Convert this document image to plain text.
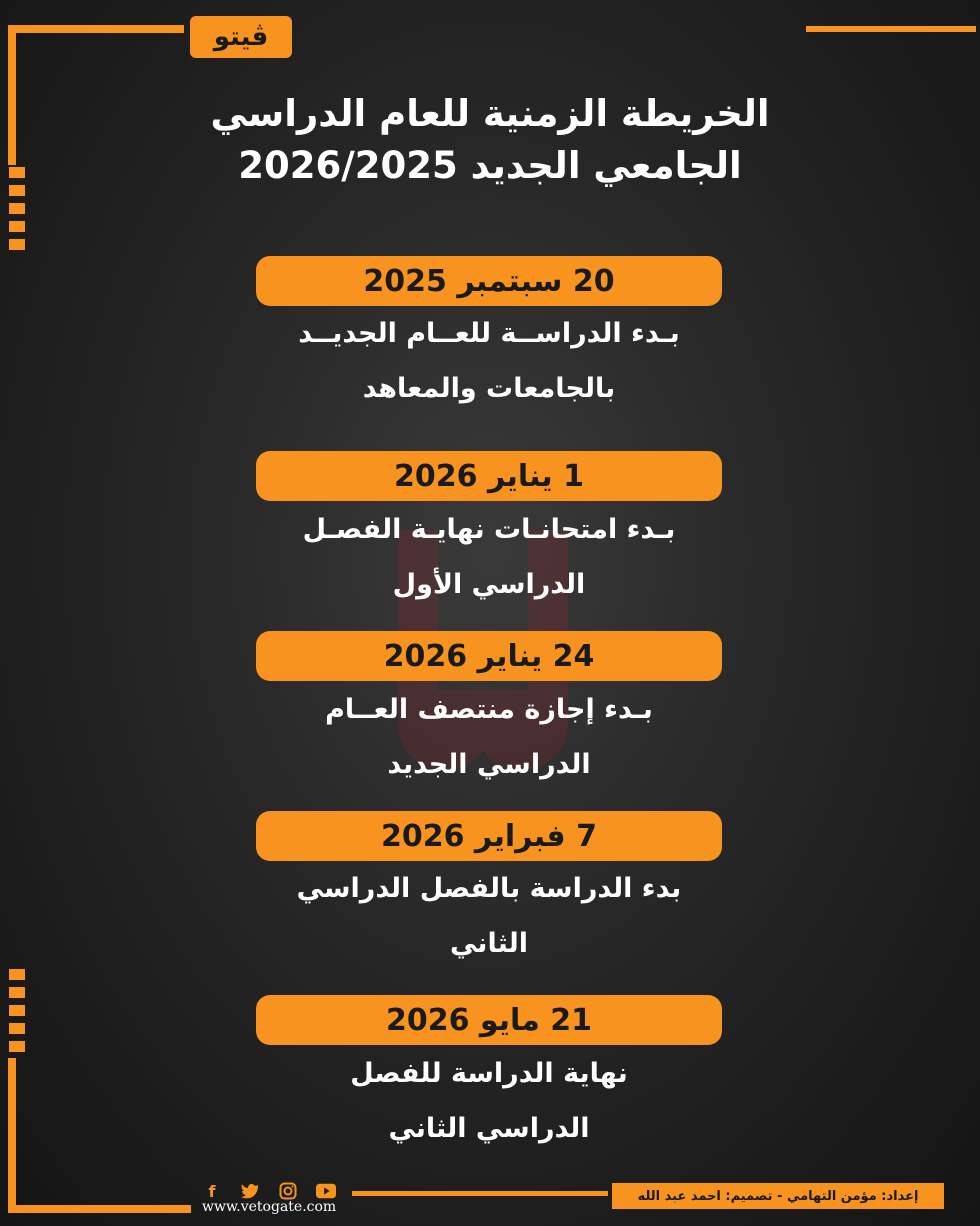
ڤيتو
الخريطة الزمنية للعام الدراسي
الجامعي الجديد 2026/2025
20 سبتمبر 2025
بـدء الدراســة للعــام الجديــد
بالجامعات والمعاهد
1 يناير 2026
بـدء امتحانـات نهايـة الفصـل
الدراسي الأول
24 يناير 2026
بـدء إجازة منتصف العــام
الدراسي الجديد
7 فبراير 2026
بدء الدراسة بالفصل الدراسي
الثاني
21 مايو 2026
نهاية الدراسة للفصل
الدراسي الثاني
f
www.vetogate.com
إعداد: مؤمن التهامي - تصميم: احمد عبد الله
